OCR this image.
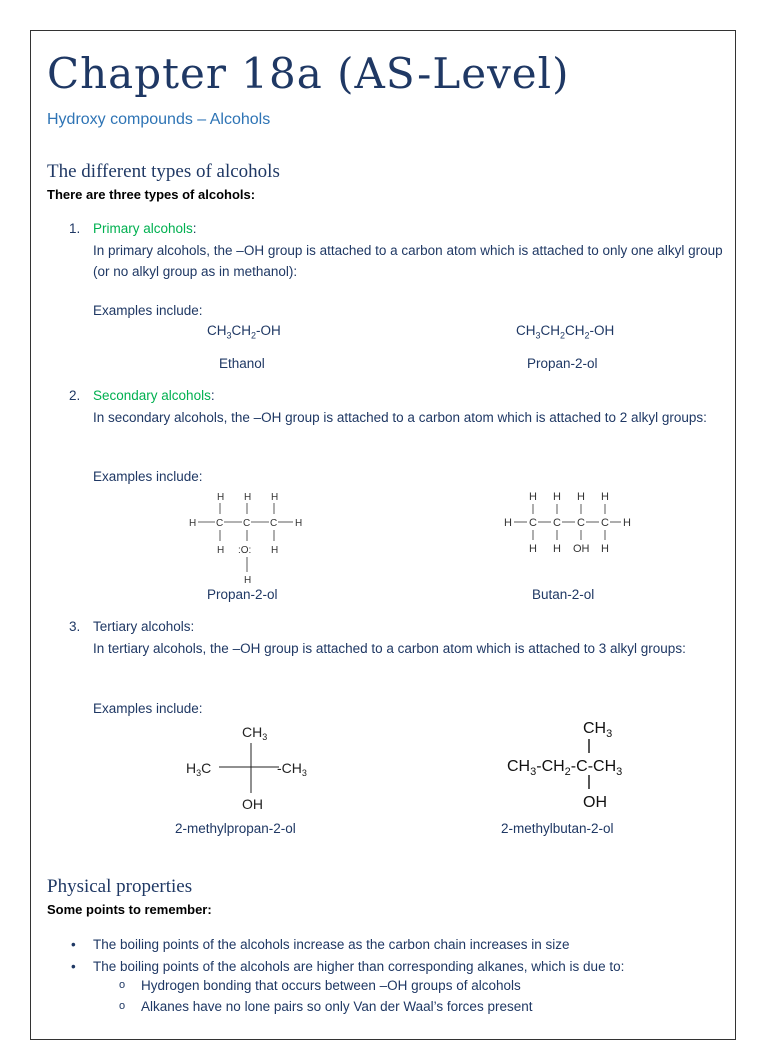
Chapter 18a (AS-Level)
Hydroxy compounds – Alcohols
The different types of alcohols
There are three types of alcohols:
1. Primary alcohols:
In primary alcohols, the –OH group is attached to a carbon atom which is attached to only one alkyl group (or no alkyl group as in methanol):
Examples include:
$CH_3CH_2-OH$	$CH_3CH_2CH_2-OH$
Ethanol	Propan-2-ol
2. Secondary alcohols:
In secondary alcohols, the –OH group is attached to a carbon atom which is attached to 2 alkyl groups:
Examples include:
H H H
H C C C H
H :O: H
H
H H H H
H C C C C H
H H OH H
Propan-2-ol	Butan-2-ol
3. Tertiary alcohols:
In tertiary alcohols, the –OH group is attached to a carbon atom which is attached to 3 alkyl groups:
Examples include:
$CH_3$
$H_3C$	$-CH_3$
OH
$CH_3$
$CH_3-CH_2-C-CH_3$
OH
2-methylpropan-2-ol	2-methylbutan-2-ol
Physical properties
Some points to remember:
• The boiling points of the alcohols increase as the carbon chain increases in size
• The boiling points of the alcohols are higher than corresponding alkanes, which is due to:
o Hydrogen bonding that occurs between –OH groups of alcohols
o Alkanes have no lone pairs so only Van der Waal’s forces present
